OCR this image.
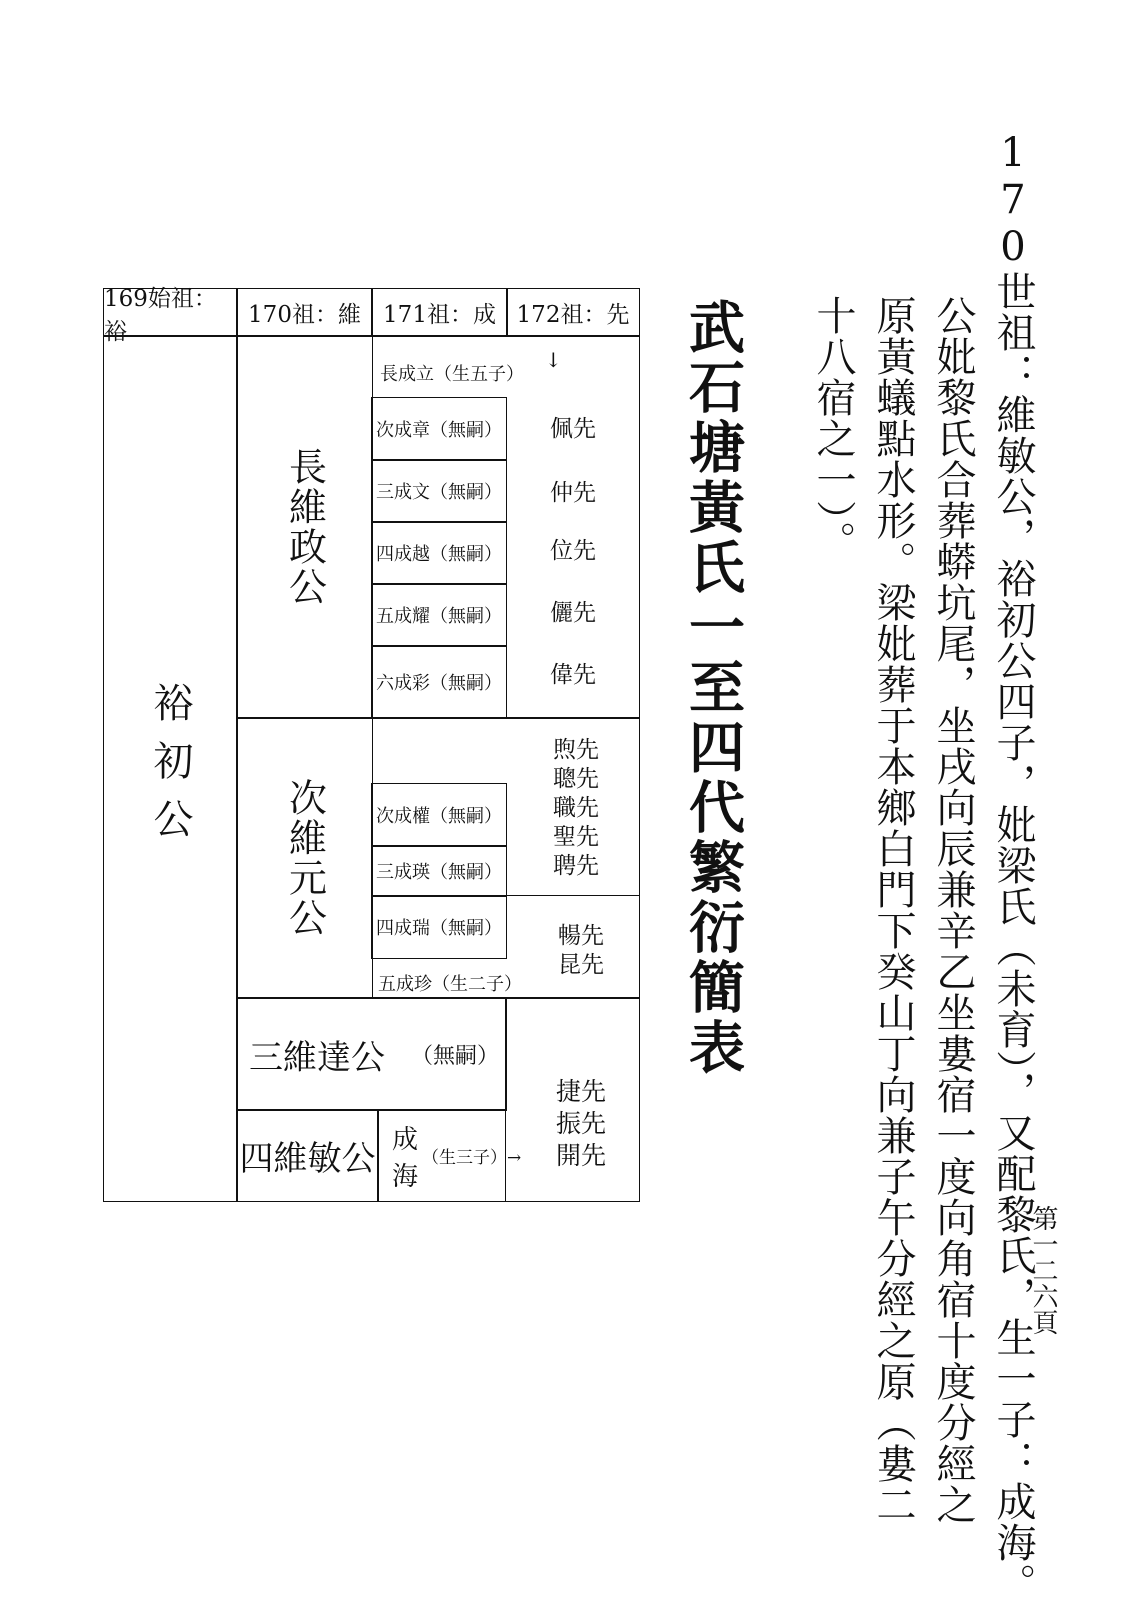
170世祖：維敏公，裕初公四子，妣梁氏（未育），又配黎氏，生一子：成海。
公妣黎氏合葬蟒坑尾，坐戌向辰兼辛乙坐婁宿一度向角宿十度分經之
原黃蟻點水形。梁妣葬于本鄉白門下癸山丁向兼子午分經之原（婁二
十八宿之一）。
武石塘黃氏一至四代繁衍簡表
第一二六頁
169始祖：裕
170祖：維 171祖：成 172祖：先
裕初公
長維政公
次維元公
三維達公 （無嗣）
四維敏公
長成立（生五子）
↓
次成章（無嗣）
三成文（無嗣）
四成越（無嗣）
五成耀（無嗣）
六成彩（無嗣）
佩先
仲先
位先
儷先
偉先
次成權（無嗣）
三成瑛（無嗣）
四成瑞（無嗣）
五成珍（生二子）
煦先
聰先
職先
聖先
聘先
暢先
昆先
成海
（生三子）→
捷先
振先
開先
